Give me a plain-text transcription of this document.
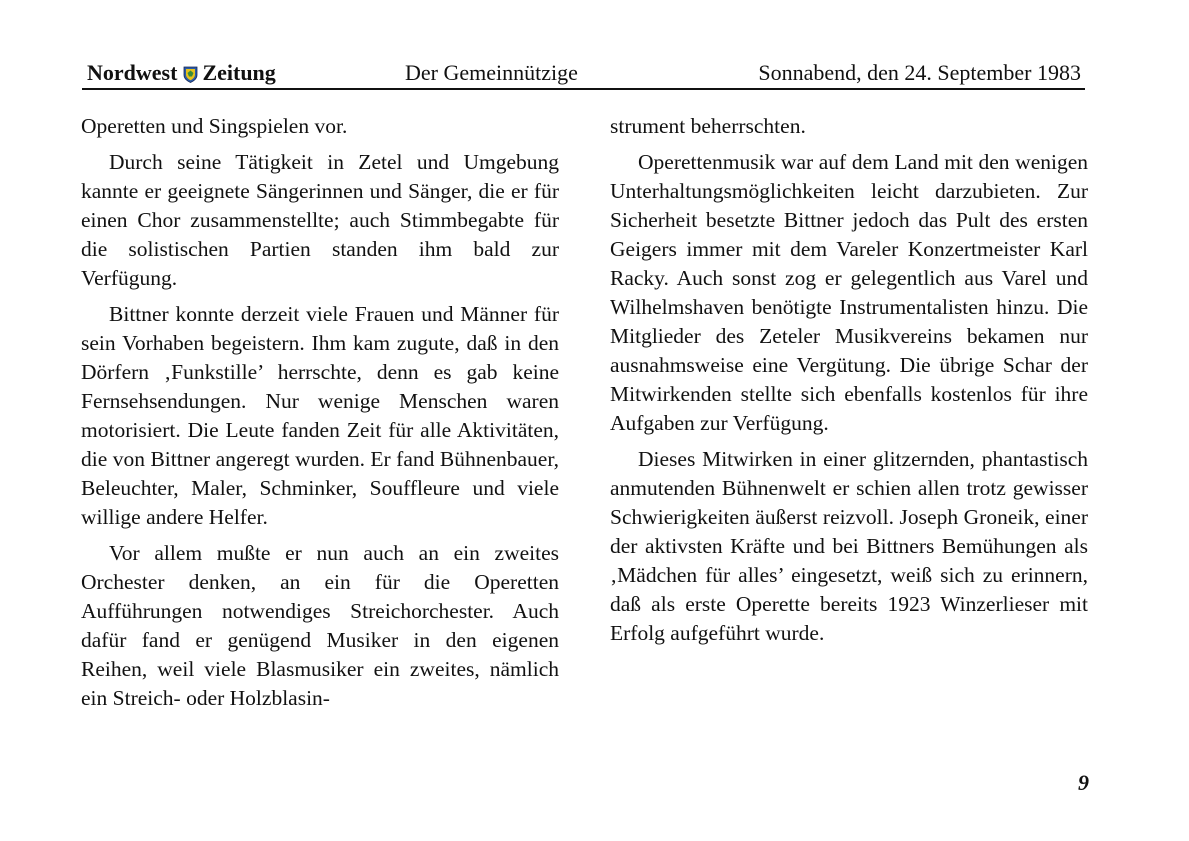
Nordwest Zeitung	Der Gemeinnützige	Sonnabend, den 24. September 1983

Operetten und Singspielen vor.

Durch seine Tätigkeit in Zetel und Umgebung kannte er geeignete Sängerinnen und Sänger, die er für einen Chor zusammenstellte; auch Stimmbegabte für die solistischen Partien standen ihm bald zur Verfügung.

Bittner konnte derzeit viele Frauen und Männer für sein Vorhaben begeistern. Ihm kam zugute, daß in den Dörfern ‚Funkstille’ herrschte, denn es gab keine Fernsehsendungen. Nur wenige Menschen waren motorisiert. Die Leute fanden Zeit für alle Aktivitäten, die von Bittner angeregt wurden. Er fand Bühnenbauer, Beleuchter, Maler, Schminker, Souffleure und viele willige andere Helfer.

Vor allem mußte er nun auch an ein zweites Orchester denken, an ein für die Operetten Aufführungen notwendiges Streichorchester. Auch dafür fand er genügend Musiker in den eigenen Reihen, weil viele Blasmusiker ein zweites, nämlich ein Streich- oder Holzblasin-

strument beherrschten.

Operettenmusik war auf dem Land mit den wenigen Unterhaltungsmöglichkeiten leicht darzubieten. Zur Sicherheit besetzte Bittner jedoch das Pult des ersten Geigers immer mit dem Vareler Konzertmeister Karl Racky. Auch sonst zog er gelegentlich aus Varel und Wilhelmshaven benötigte Instrumentalisten hinzu. Die Mitglieder des Zeteler Musikvereins bekamen nur ausnahmsweise eine Vergütung. Die übrige Schar der Mitwirkenden stellte sich ebenfalls kostenlos für ihre Aufgaben zur Verfügung.

Dieses Mitwirken in einer glitzernden, phantastisch anmutenden Bühnenwelt er schien allen trotz gewisser Schwierigkeiten äußerst reizvoll. Joseph Groneik, einer der aktivsten Kräfte und bei Bittners Bemühungen als ‚Mädchen für alles’ eingesetzt, weiß sich zu erinnern, daß als erste Operette bereits 1923 Winzerlieser mit Erfolg aufgeführt wurde.

9
